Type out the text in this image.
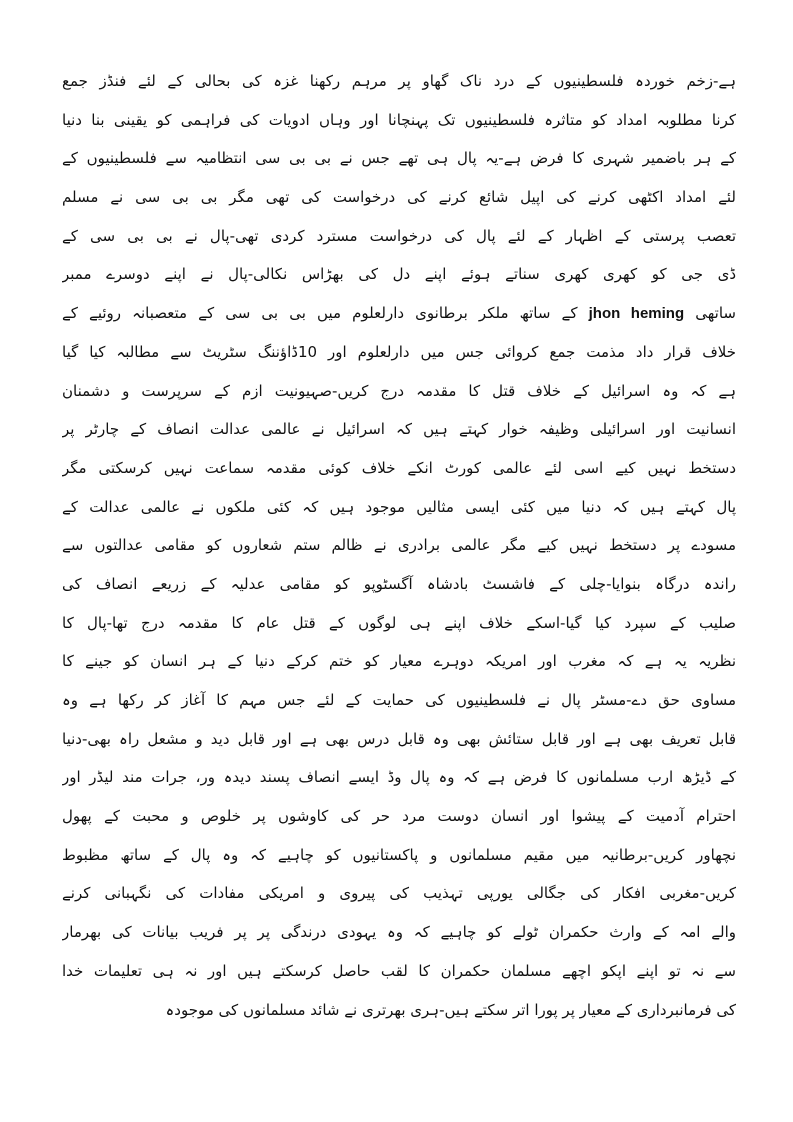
ہے-زخم خوردہ فلسطینیوں کے درد ناک گھاو پر مرہم رکھنا غزہ کی بحالی کے لئے فنڈز جمع
کرنا مطلوبہ امداد کو متاثرہ فلسطینیوں تک پہنچانا اور وہاں ادویات کی فراہمی کو یقینی بنا دنیا
کے ہر باضمیر شہری کا فرض ہے-یہ پال ہی تھے جس نے بی بی سی انتظامیہ سے فلسطینیوں کے
لئے امداد اکٹھی کرنے کی اپیل شائع کرنے کی درخواست کی تھی مگر بی بی سی نے مسلم
تعصب پرستی کے اظہار کے لئے پال کی درخواست مسترد کردی تھی-پال نے بی بی سی کے
ڈی جی کو کھری کھری سناتے ہوئے اپنے دل کی بھڑاس نکالی-پال نے اپنے دوسرے ممبر
ساتھی jhon heming کے ساتھ ملکر برطانوی دارلعلوم میں بی بی سی کے متعصبانہ روئیے کے
خلاف قرار داد مذمت جمع کروائی جس میں دارلعلوم اور 10ڈاؤننگ سٹریٹ سے مطالبہ کیا گیا
ہے کہ وہ اسرائیل کے خلاف قتل کا مقدمہ درج کریں-صہیونیت ازم کے سرپرست و دشمنان
انسانیت اور اسرائیلی وظیفہ خوار کہتے ہیں کہ اسرائیل نے عالمی عدالت انصاف کے چارٹر پر
دستخط نہیں کیے اسی لئے عالمی کورٹ انکے خلاف کوئی مقدمہ سماعت نہیں کرسکتی مگر
پال کہتے ہیں کہ دنیا میں کئی ایسی مثالیں موجود ہیں کہ کئی ملکوں نے عالمی عدالت کے
مسودے پر دستخط نہیں کیے مگر عالمی برادری نے ظالم ستم شعاروں کو مقامی عدالتوں سے
راندہ درگاہ بنوایا-چلی کے فاشسٹ بادشاہ آگسٹوپو کو مقامی عدلیہ کے زریعے انصاف کی
صلیب کے سپرد کیا گیا-اسکے خلاف اپنے ہی لوگوں کے قتل عام کا مقدمہ درج تھا-پال کا
نظریہ یہ ہے کہ مغرب اور امریکہ دوہرے معیار کو ختم کرکے دنیا کے ہر انسان کو جینے کا
مساوی حق دے-مسٹر پال نے فلسطینیوں کی حمایت کے لئے جس مہم کا آغاز کر رکھا ہے وہ
قابل تعریف بھی ہے اور قابل ستائش بھی وہ قابل درس بھی ہے اور قابل دید و مشعل راہ بھی-دنیا
کے ڈیڑھ ارب مسلمانوں کا فرض ہے کہ وہ پال وڈ ایسے انصاف پسند دیدہ ور، جرات مند لیڈر اور
احترام آدمیت کے پیشوا اور انسان دوست مرد حر کی کاوشوں پر خلوص و محبت کے پھول
نچھاور کریں-برطانیہ میں مقیم مسلمانوں و پاکستانیوں کو چاہیے کہ وہ پال کے ساتھ مظبوط
کریں-مغربی افکار کی جگالی یورپی تہذیب کی پیروی و امریکی مفادات کی نگہبانی کرنے
والے امہ کے وارث حکمران ٹولے کو چاہیے کہ وہ یہودی درندگی پر پر فریب بیانات کی بھرمار
سے نہ تو اپنے اپکو اچھے مسلمان حکمران کا لقب حاصل کرسکتے ہیں اور نہ ہی تعلیمات خدا
کی فرمانبرداری کے معیار پر پورا اتر سکتے ہیں-ہری بھرتری نے شائد مسلمانوں کی موجودہ
